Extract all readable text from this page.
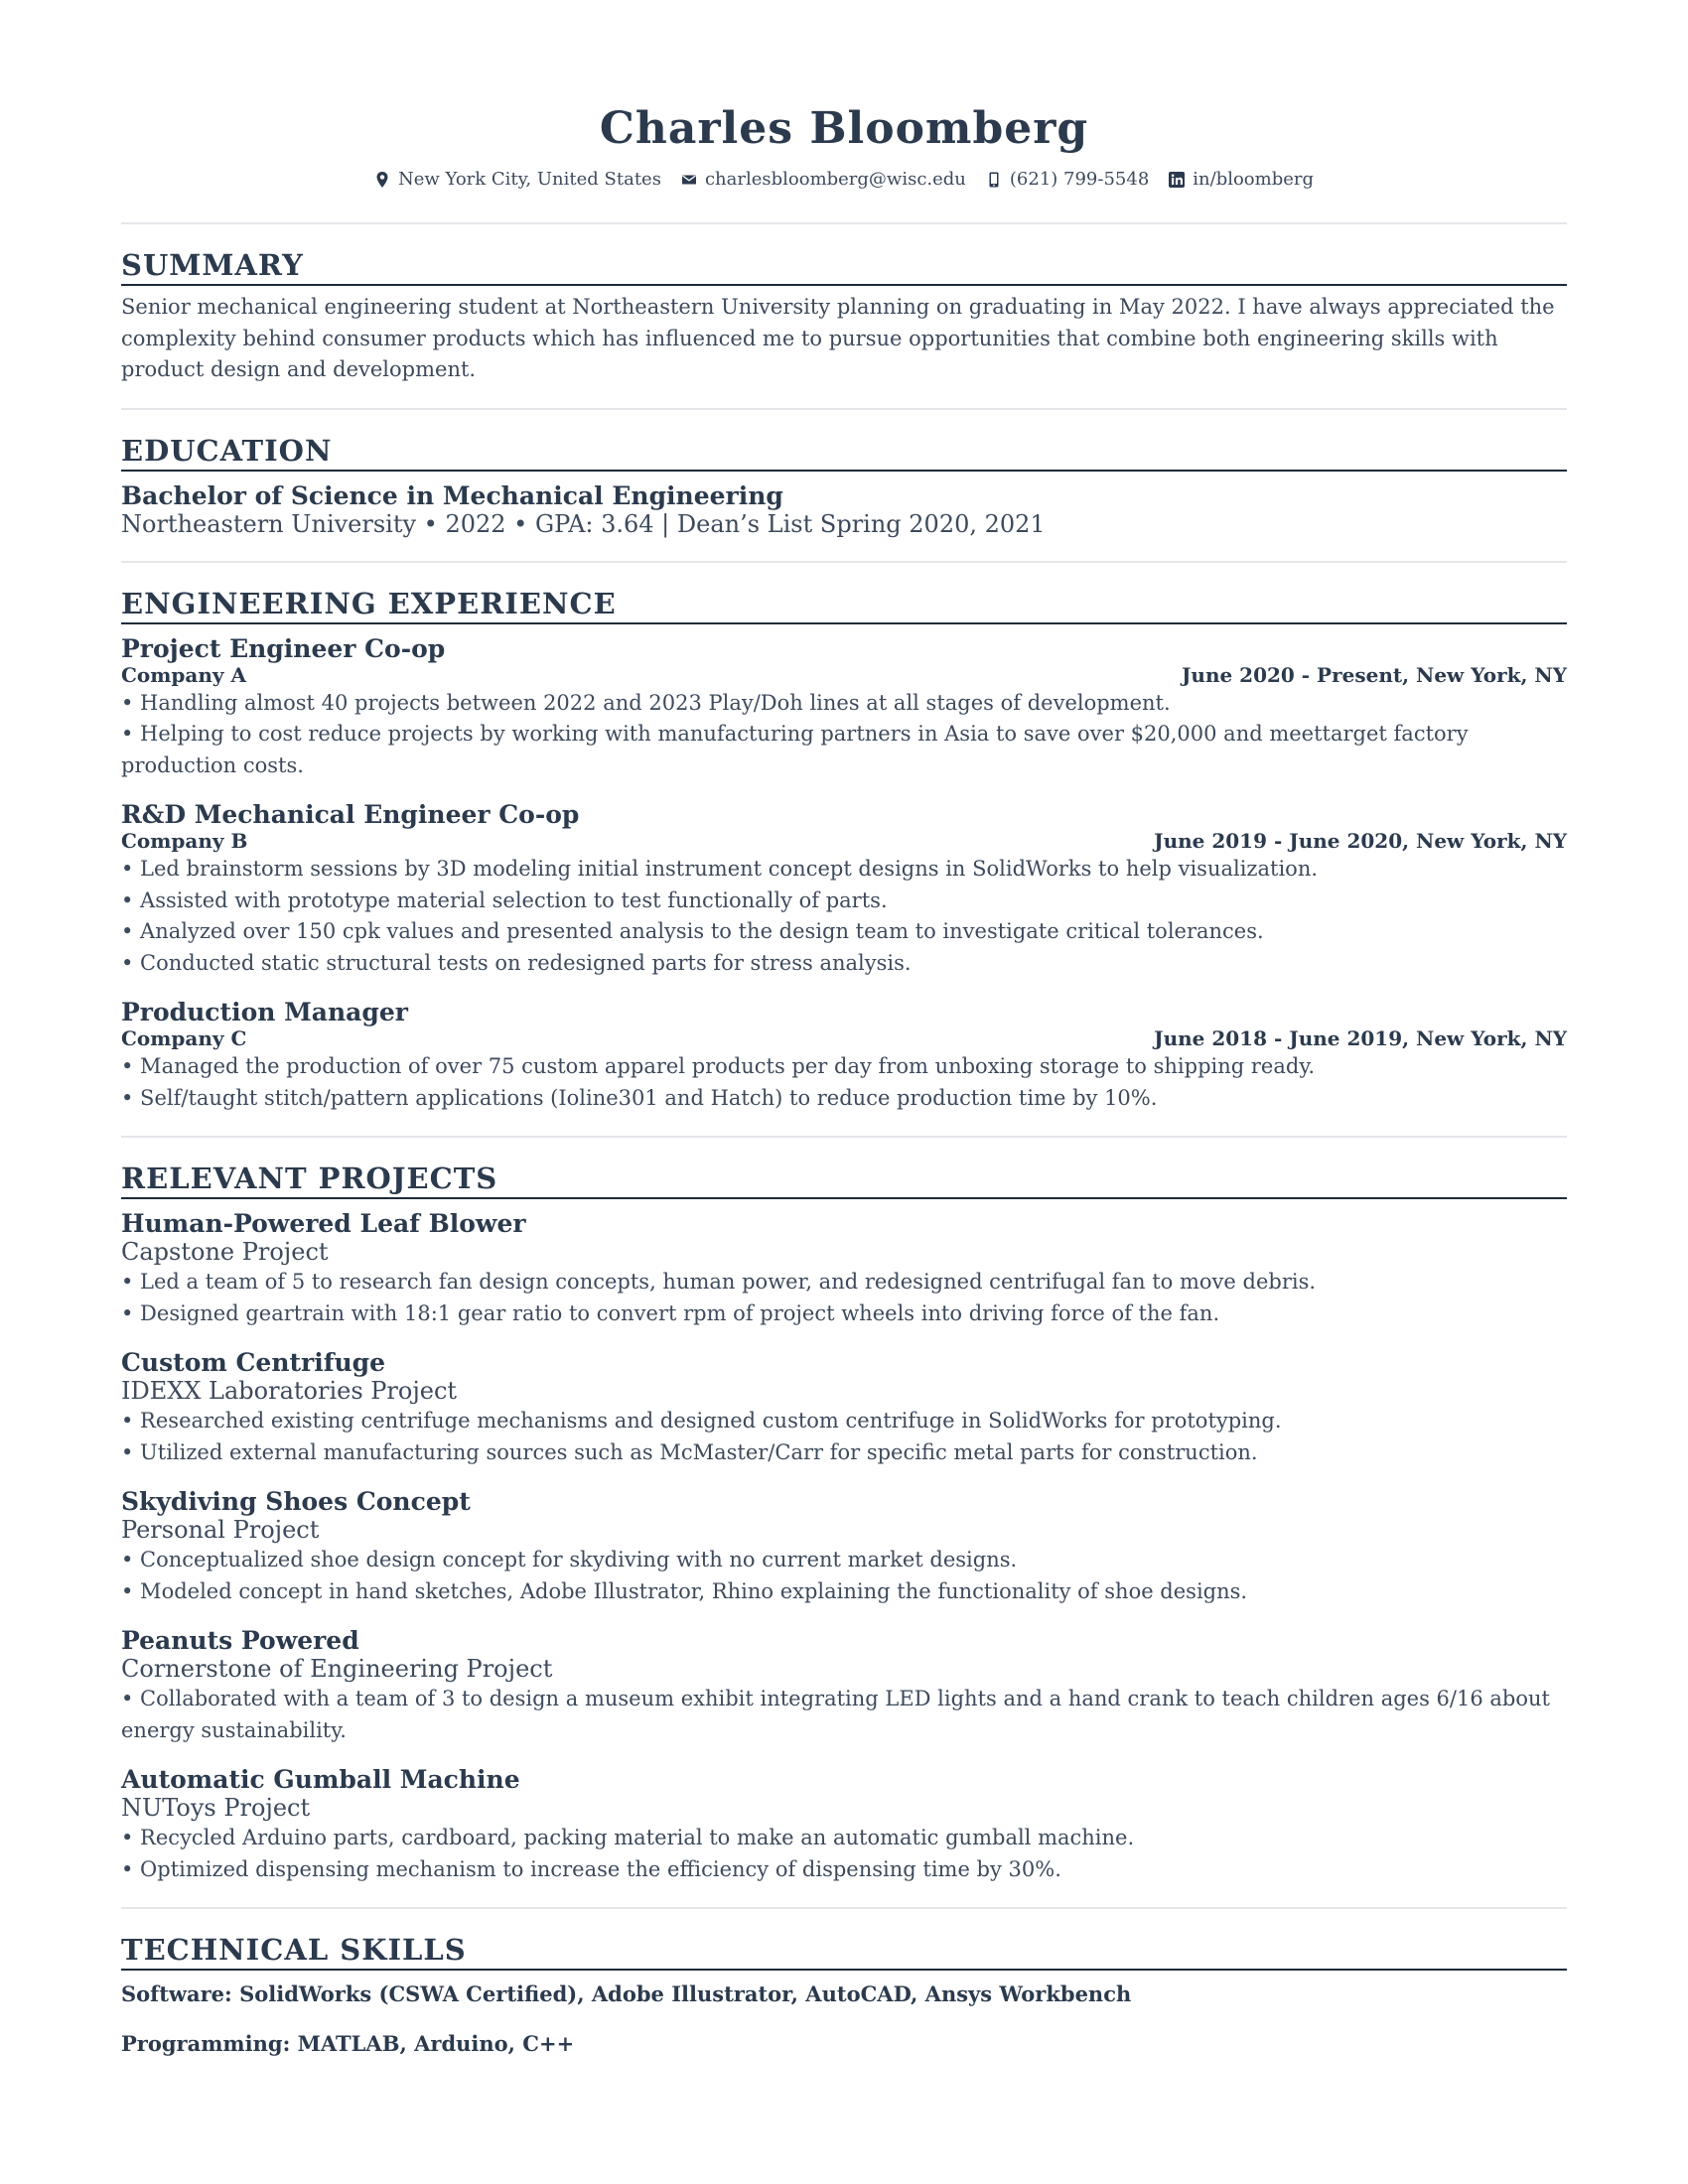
Charles Bloomberg
New York City, United States charlesbloomberg@wisc.edu (621) 799-5548 in/bloomberg
SUMMARY
Senior mechanical engineering student at Northeastern University planning on graduating in May 2022. I have always appreciated the complexity behind consumer products which has influenced me to pursue opportunities that combine both engineering skills with product design and development.
EDUCATION
Bachelor of Science in Mechanical Engineering
Northeastern University • 2022 • GPA: 3.64 | Dean’s List Spring 2020, 2021
ENGINEERING EXPERIENCE
Project Engineer Co-op
Company A	June 2020 - Present, New York, NY
• Handling almost 40 projects between 2022 and 2023 Play/Doh lines at all stages of development.
• Helping to cost reduce projects by working with manufacturing partners in Asia to save over $20,000 and meettarget factory production costs.
R&D Mechanical Engineer Co-op
Company B	June 2019 - June 2020, New York, NY
• Led brainstorm sessions by 3D modeling initial instrument concept designs in SolidWorks to help visualization.
• Assisted with prototype material selection to test functionally of parts.
• Analyzed over 150 cpk values and presented analysis to the design team to investigate critical tolerances.
• Conducted static structural tests on redesigned parts for stress analysis.
Production Manager
Company C	June 2018 - June 2019, New York, NY
• Managed the production of over 75 custom apparel products per day from unboxing storage to shipping ready.
• Self/taught stitch/pattern applications (Ioline301 and Hatch) to reduce production time by 10%.
RELEVANT PROJECTS
Human-Powered Leaf Blower
Capstone Project
• Led a team of 5 to research fan design concepts, human power, and redesigned centrifugal fan to move debris.
• Designed geartrain with 18:1 gear ratio to convert rpm of project wheels into driving force of the fan.
Custom Centrifuge
IDEXX Laboratories Project
• Researched existing centrifuge mechanisms and designed custom centrifuge in SolidWorks for prototyping.
• Utilized external manufacturing sources such as McMaster/Carr for specific metal parts for construction.
Skydiving Shoes Concept
Personal Project
• Conceptualized shoe design concept for skydiving with no current market designs.
• Modeled concept in hand sketches, Adobe Illustrator, Rhino explaining the functionality of shoe designs.
Peanuts Powered
Cornerstone of Engineering Project
• Collaborated with a team of 3 to design a museum exhibit integrating LED lights and a hand crank to teach children ages 6/16 about energy sustainability.
Automatic Gumball Machine
NUToys Project
• Recycled Arduino parts, cardboard, packing material to make an automatic gumball machine.
• Optimized dispensing mechanism to increase the efficiency of dispensing time by 30%.
TECHNICAL SKILLS
Software: SolidWorks (CSWA Certified), Adobe Illustrator, AutoCAD, Ansys Workbench
Programming: MATLAB, Arduino, C++
